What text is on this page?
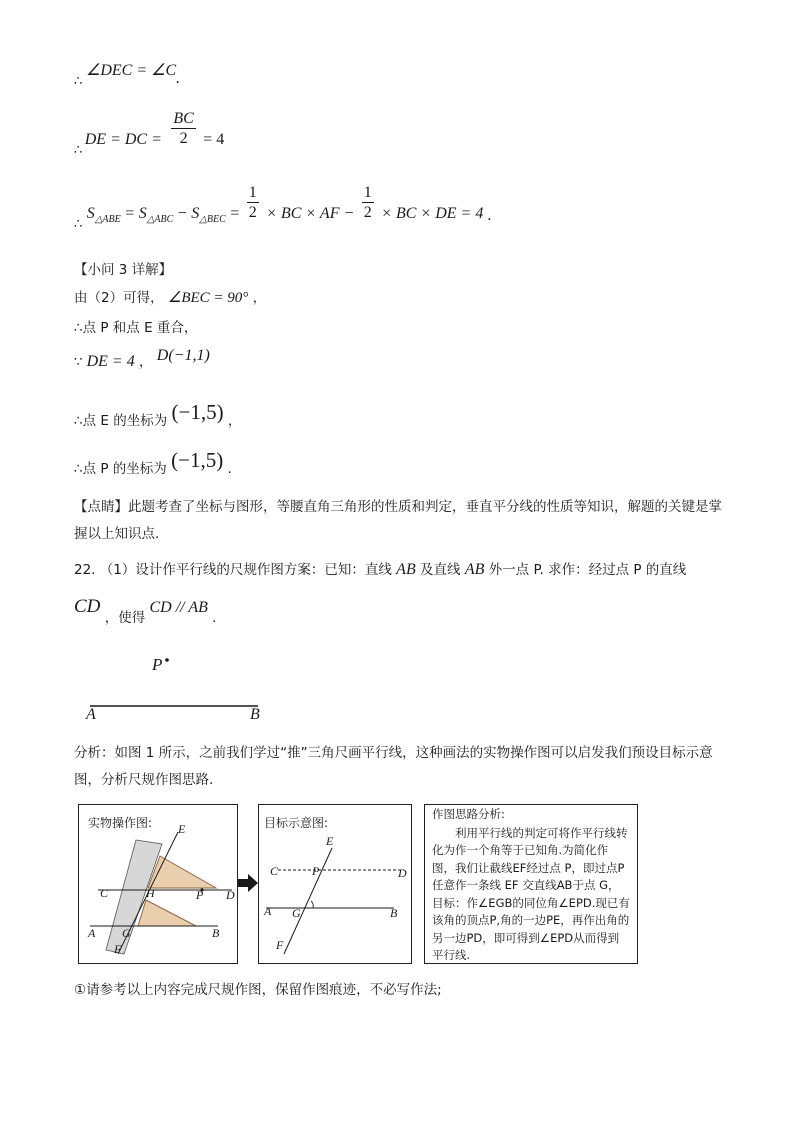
∴
∠DEC = ∠C .
∴ DE = DC = $\frac{BC}{2} = 4$
∴ $S_{\triangle ABE} = S_{\triangle ABC} - S_{\triangle BEC} = \frac{1}{2}$ × BC × AF − $\frac{1}{2}$ × BC × DE = 4 .
【小问 3 详解】
由（2）可得， ∠BEC = 90° ，
∴点 P 和点 E 重合，
∵ DE = 4 ， D(−1,1)
∴点 E 的坐标为 (−1,5) ，
∴点 P 的坐标为 (−1,5) .
【点睛】此题考查了坐标与图形，等腰直角三角形的性质和判定，垂直平分线的性质等知识，解题的关键是掌握以上知识点.
22. （1）设计作平行线的尺规作图方案：已知：直线 AB 及直线 AB 外一点 P. 求作：经过点 P 的直线
CD ，使得 CD // AB .
P
A	B
分析：如图 1 所示，之前我们学过“推”三角尺画平行线，这种画法的实物操作图可以启发我们预设目标示意图，分析尺规作图思路.
实物操作图: E
C	H	P D
A G	B
F
目标示意图:
E
C	P	D
A G	B
F
作图思路分析:
利用平行线的判定可将作平行线转化为作一个角等于已知角.为简化作图，我们让截线EF经过点 P，即过点P任意作一条线 EF 交直线AB于点 G，目标：作∠EGB的同位角∠EPD.现已有该角的顶点P,角的一边PE，再作出角的另一边PD，即可得到∠EPD从而得到平行线.
①请参考以上内容完成尺规作图，保留作图痕迹，不必写作法;
